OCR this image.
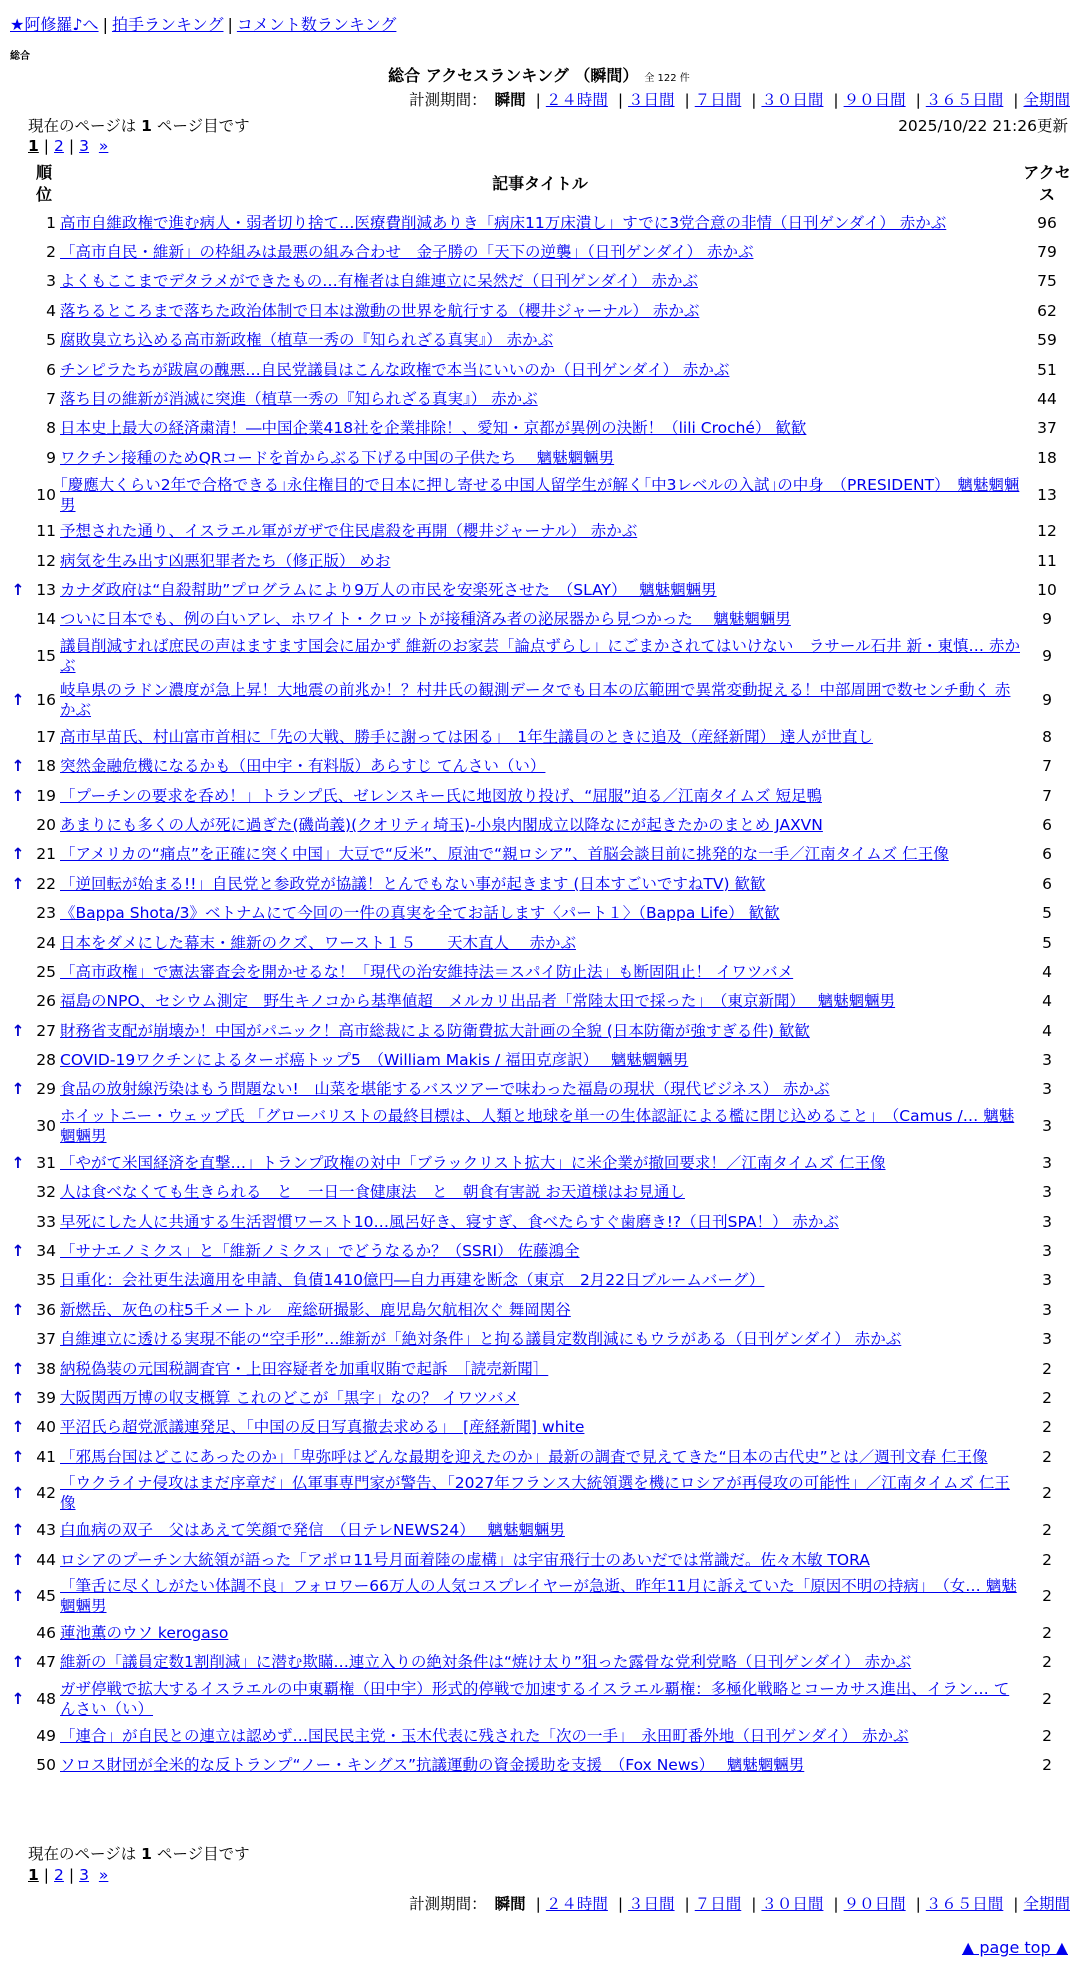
★阿修羅♪へ | 拍手ランキング | コメント数ランキング
総合
総合 アクセスランキング （瞬間） 全 122 件
計測期間： 瞬間 | ２４時間 | ３日間 | ７日間 | ３０日間 | ９０日間 | ３６５日間 | 全期間
現在のページは 1 ページ目です	2025/10/22 21:26更新
1 | 2 | 3 »
	順位	記事タイトル	アクセス
	1	高市自維政権で進む病人・弱者切り捨て…医療費削減ありき「病床11万床潰し」すでに3党合意の非情（日刊ゲンダイ） 赤かぶ	96
	2	「高市自民・維新」の枠組みは最悪の組み合わせ　金子勝の「天下の逆襲」（日刊ゲンダイ） 赤かぶ	79
	3	よくもここまでデタラメができたもの…有権者は自維連立に呆然だ（日刊ゲンダイ） 赤かぶ	75
	4	落ちるところまで落ちた政治体制で日本は激動の世界を航行する（櫻井ジャーナル） 赤かぶ	62
	5	腐敗臭立ち込める高市新政権（植草一秀の『知られざる真実』） 赤かぶ	59
	6	チンピラたちが跋扈の醜悪…自民党議員はこんな政権で本当にいいのか（日刊ゲンダイ） 赤かぶ	51
	7	落ち目の維新が消滅に突進（植草一秀の『知られざる真実』） 赤かぶ	44
	8	日本史上最大の経済粛清！―中国企業418社を企業排除！、愛知・京都が異例の決断！（lili Croché） 歓歓	37
	9	ワクチン接種のためQRコードを首からぶる下げる中国の子供たち　 魑魅魍魎男	18
	10	｢慶應大くらい2年で合格できる｣永住権目的で日本に押し寄せる中国人留学生が解く｢中3レベルの入試｣の中身　（PRESIDENT）　魑魅魍魎男	13
	11	予想された通り、イスラエル軍がガザで住民虐殺を再開（櫻井ジャーナル） 赤かぶ	12
	12	病気を生み出す凶悪犯罪者たち（修正版） めお	11
↑	13	カナダ政府は“自殺幇助”プログラムにより9万人の市民を安楽死させた　（SLAY）　 魑魅魍魎男	10
	14	ついに日本でも、例の白いアレ、ホワイト・クロットが接種済み者の泌尿器から見つかった　 魑魅魍魎男	9
	15	議員削減すれば庶民の声はますます国会に届かず 維新のお家芸「論点ずらし」にごまかされてはいけない　ラサール石井 新・東慎… 赤かぶ	9
↑	16	岐阜県のラドン濃度が急上昇！大地震の前兆か！？村井氏の観測データでも日本の広範囲で異常変動捉える！中部周囲で数センチ動く 赤かぶ	9
	17	高市早苗氏、村山富市首相に「先の大戦、勝手に謝っては困る」　1年生議員のときに追及（産経新聞） 達人が世直し	8
↑	18	突然金融危機になるかも（田中宇・有料版）あらすじ てんさい（い）	7
↑	19	「プーチンの要求を呑め！」トランプ氏、ゼレンスキー氏に地図放り投げ、“屈服”迫る／江南タイムズ 短足鴨	7
	20	あまりにも多くの人が死に過ぎた(磯尚義)(クオリティ埼玉)-小泉内閣成立以降なにが起きたかのまとめ JAXVN	6
↑	21	「アメリカの“痛点”を正確に突く中国」大豆で“反米”、原油で“親ロシア”、首脳会談目前に挑発的な一手／江南タイムズ 仁王像	6
↑	22	「逆回転が始まる!!」自民党と参政党が協議！とんでもない事が起きます (日本すごいですねTV) 歓歓	6
	23	《Bappa Shota/3》ベトナムにて今回の一件の真実を全てお話します〈パート１〉（Bappa Life） 歓歓	5
	24	日本をダメにした幕末・維新のクズ、ワースト１５　　天木直人　 赤かぶ	5
	25	「高市政権」で憲法審査会を開かせるな！「現代の治安維持法＝スパイ防止法」も断固阻止！ イワツバメ	4
	26	福島のNPO、セシウム測定　野生キノコから基準値超　メルカリ出品者「常陸太田で採った」　（東京新聞）　 魑魅魍魎男	4
↑	27	財務省支配が崩壊か！中国がパニック！高市総裁による防衛費拡大計画の全貌 (日本防衛が強すぎる件) 歓歓	4
	28	COVID-19ワクチンによるターボ癌トップ5　（William Makis / 福田克彦訳）　 魑魅魍魎男	3
↑	29	食品の放射線汚染はもう問題ない!　山菜を堪能するバスツアーで味わった福島の現状（現代ビジネス） 赤かぶ	3
	30	ホイットニー・ウェッブ氏 「グローバリストの最終目標は、人類と地球を単一の生体認証による檻に閉じ込めること」　（Camus /… 魑魅魍魎男	3
↑	31	「やがて米国経済を直撃…」トランプ政権の対中「ブラックリスト拡大」に米企業が撤回要求！／江南タイムズ 仁王像	3
	32	人は食べなくても生きられる　と　一日一食健康法　と　朝食有害説 お天道様はお見通し	3
	33	早死にした人に共通する生活習慣ワースト10…風呂好き、寝すぎ、食べたらすぐ歯磨き!?（日刊SPA！） 赤かぶ	3
↑	34	「サナエノミクス」と「維新ノミクス」でどうなるか？（SSRI） 佐藤鴻全	3
	35	日重化：会社更生法適用を申請、負債1410億円―自力再建を断念（東京　2月22日ブルームバーグ）	3
↑	36	新燃岳、灰色の柱5千メートル　産総研撮影、鹿児島欠航相次ぐ 舞岡関谷	3
	37	自維連立に透ける実現不能の“空手形”…維新が「絶対条件」と拘る議員定数削減にもウラがある（日刊ゲンダイ） 赤かぶ	3
↑	38	納税偽装の元国税調査官・上田容疑者を加重収賄で起訴　［読売新聞］	2
↑	39	大阪関西万博の収支概算 これのどこが「黒字」なの？ イワツバメ	2
↑	40	平沼氏ら超党派議連発足、「中国の反日写真撤去求める」　[産経新聞] white	2
↑	41	「邪馬台国はどこにあったのか」「卑弥呼はどんな最期を迎えたのか」最新の調査で見えてきた“日本の古代史”とは／週刊文春 仁王像	2
↑	42	「ウクライナ侵攻はまだ序章だ」仏軍事専門家が警告、「2027年フランス大統領選を機にロシアが再侵攻の可能性」／江南タイムズ 仁王像	2
↑	43	白血病の双子　父はあえて笑顔で発信　（日テレNEWS24）　 魑魅魍魎男	2
↑	44	ロシアのプーチン大統領が語った「アポロ11号月面着陸の虚構」は宇宙飛行士のあいだでは常識だ。佐々木敏 TORA	2
↑	45	「筆舌に尽くしがたい体調不良」フォロワー66万人の人気コスプレイヤーが急逝、昨年11月に訴えていた「原因不明の持病」　（女… 魑魅魍魎男	2
	46	蓮池薫のウソ kerogaso	2
↑	47	維新の「議員定数1割削減」に潜む欺瞞…連立入りの絶対条件は“焼け太り”狙った露骨な党利党略（日刊ゲンダイ） 赤かぶ	2
↑	48	ガザ停戦で拡大するイスラエルの中東覇権（田中宇）形式的停戦で加速するイスラエル覇権：多極化戦略とコーカサス進出、イラン… てんさい（い）	2
	49	「連合」が自民との連立は認めず…国民民主党・玉木代表に残された「次の一手」　永田町番外地（日刊ゲンダイ） 赤かぶ	2
	50	ソロス財団が全米的な反トランプ“ノー・キングス”抗議運動の資金援助を支援　（Fox News）　 魑魅魍魎男	2
現在のページは 1 ページ目です
1 | 2 | 3 »
計測期間： 瞬間 | ２４時間 | ３日間 | ７日間 | ３０日間 | ９０日間 | ３６５日間 | 全期間
▲ page top ▲
